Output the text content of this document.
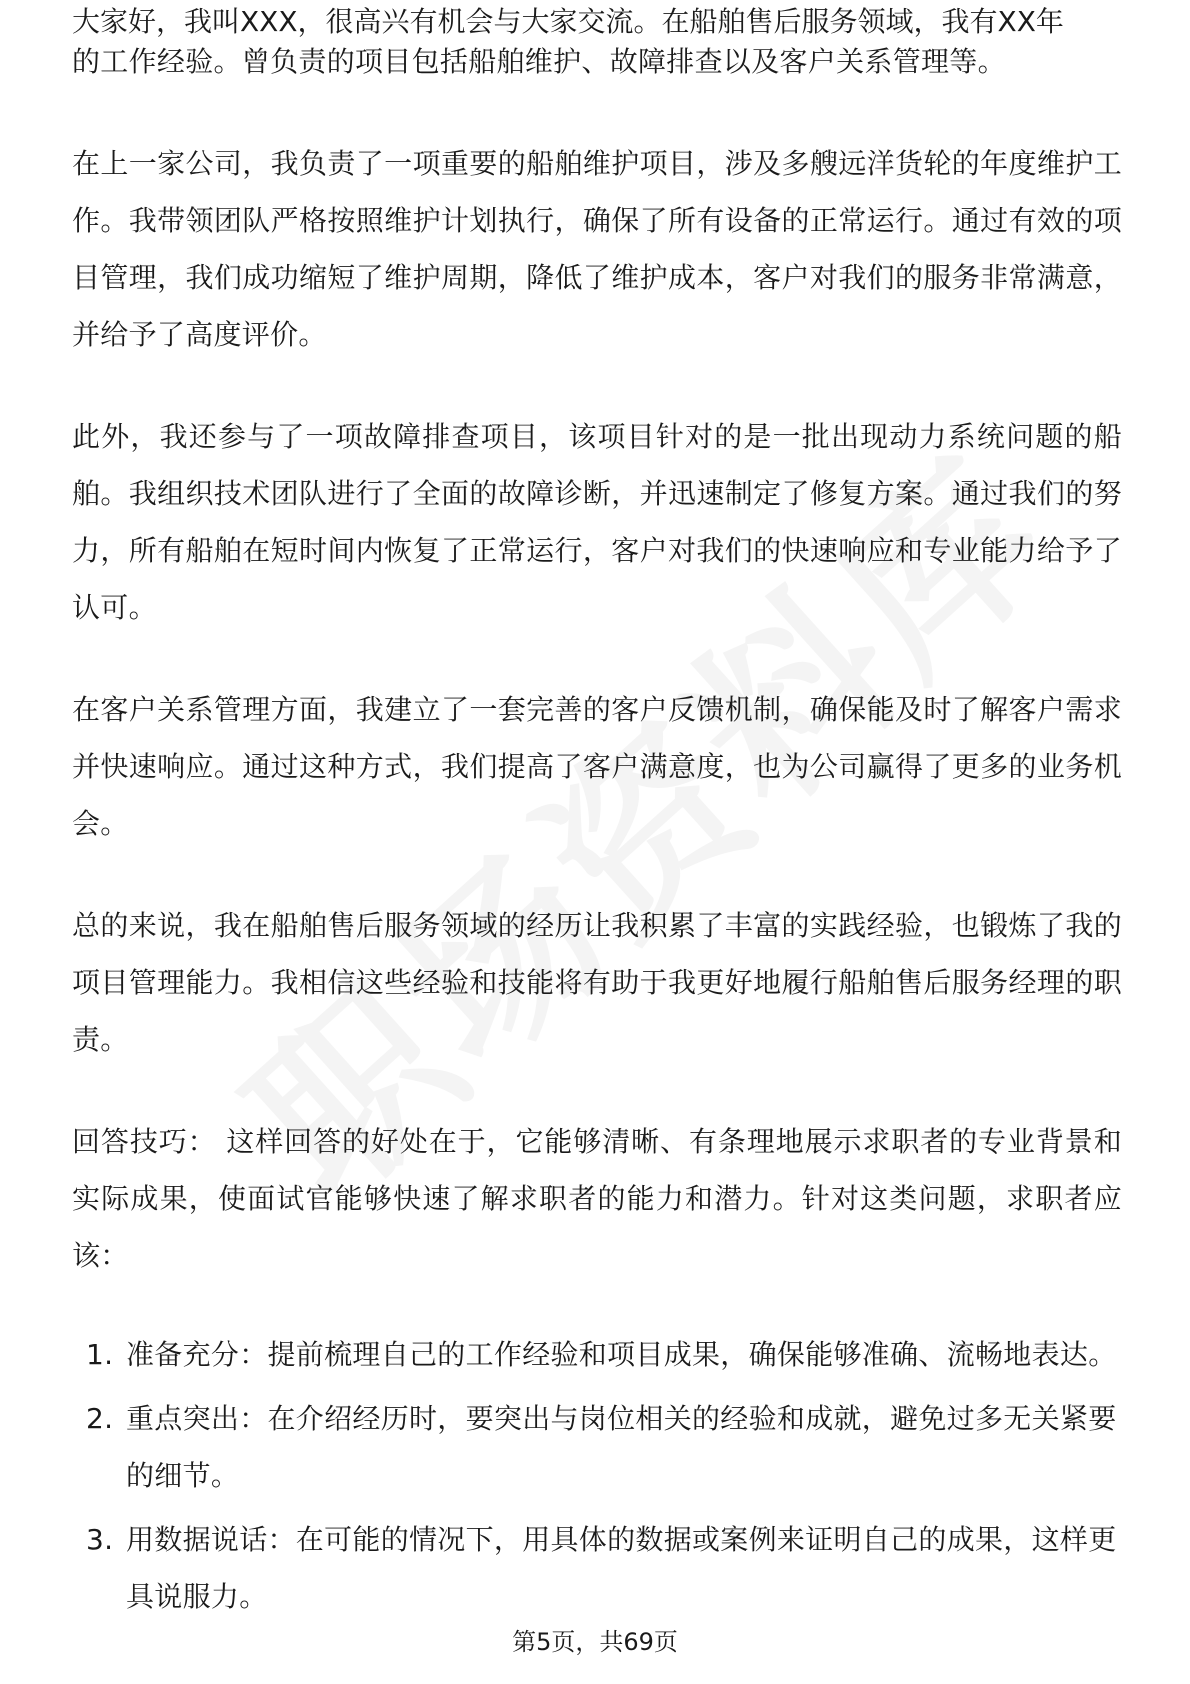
大家好，我叫XXX，很高兴有机会与大家交流。在船舶售后服务领域，我有XX年

的工作经验。曾负责的项目包括船舶维护、故障排查以及客户关系管理等。

在上一家公司，我负责了一项重要的船舶维护项目，涉及多艘远洋货轮的年度维护工作。我带领团队严格按照维护计划执行，确保了所有设备的正常运行。通过有效的项目管理，我们成功缩短了维护周期，降低了维护成本，客户对我们的服务非常满意，并给予了高度评价。

此外，我还参与了一项故障排查项目，该项目针对的是一批出现动力系统问题的船舶。我组织技术团队进行了全面的故障诊断，并迅速制定了修复方案。通过我们的努力，所有船舶在短时间内恢复了正常运行，客户对我们的快速响应和专业能力给予了认可。

在客户关系管理方面，我建立了一套完善的客户反馈机制，确保能及时了解客户需求并快速响应。通过这种方式，我们提高了客户满意度，也为公司赢得了更多的业务机会。

总的来说，我在船舶售后服务领域的经历让我积累了丰富的实践经验，也锻炼了我的项目管理能力。我相信这些经验和技能将有助于我更好地履行船舶售后服务经理的职责。

回答技巧： 这样回答的好处在于，它能够清晰、有条理地展示求职者的专业背景和实际成果，使面试官能够快速了解求职者的能力和潜力。针对这类问题，求职者应该：

1. 准备充分：提前梳理自己的工作经验和项目成果，确保能够准确、流畅地表达。
2. 重点突出：在介绍经历时，要突出与岗位相关的经验和成就，避免过多无关紧要的细节。
3. 用数据说话：在可能的情况下，用具体的数据或案例来证明自己的成果，这样更具说服力。
第5页，共69页
